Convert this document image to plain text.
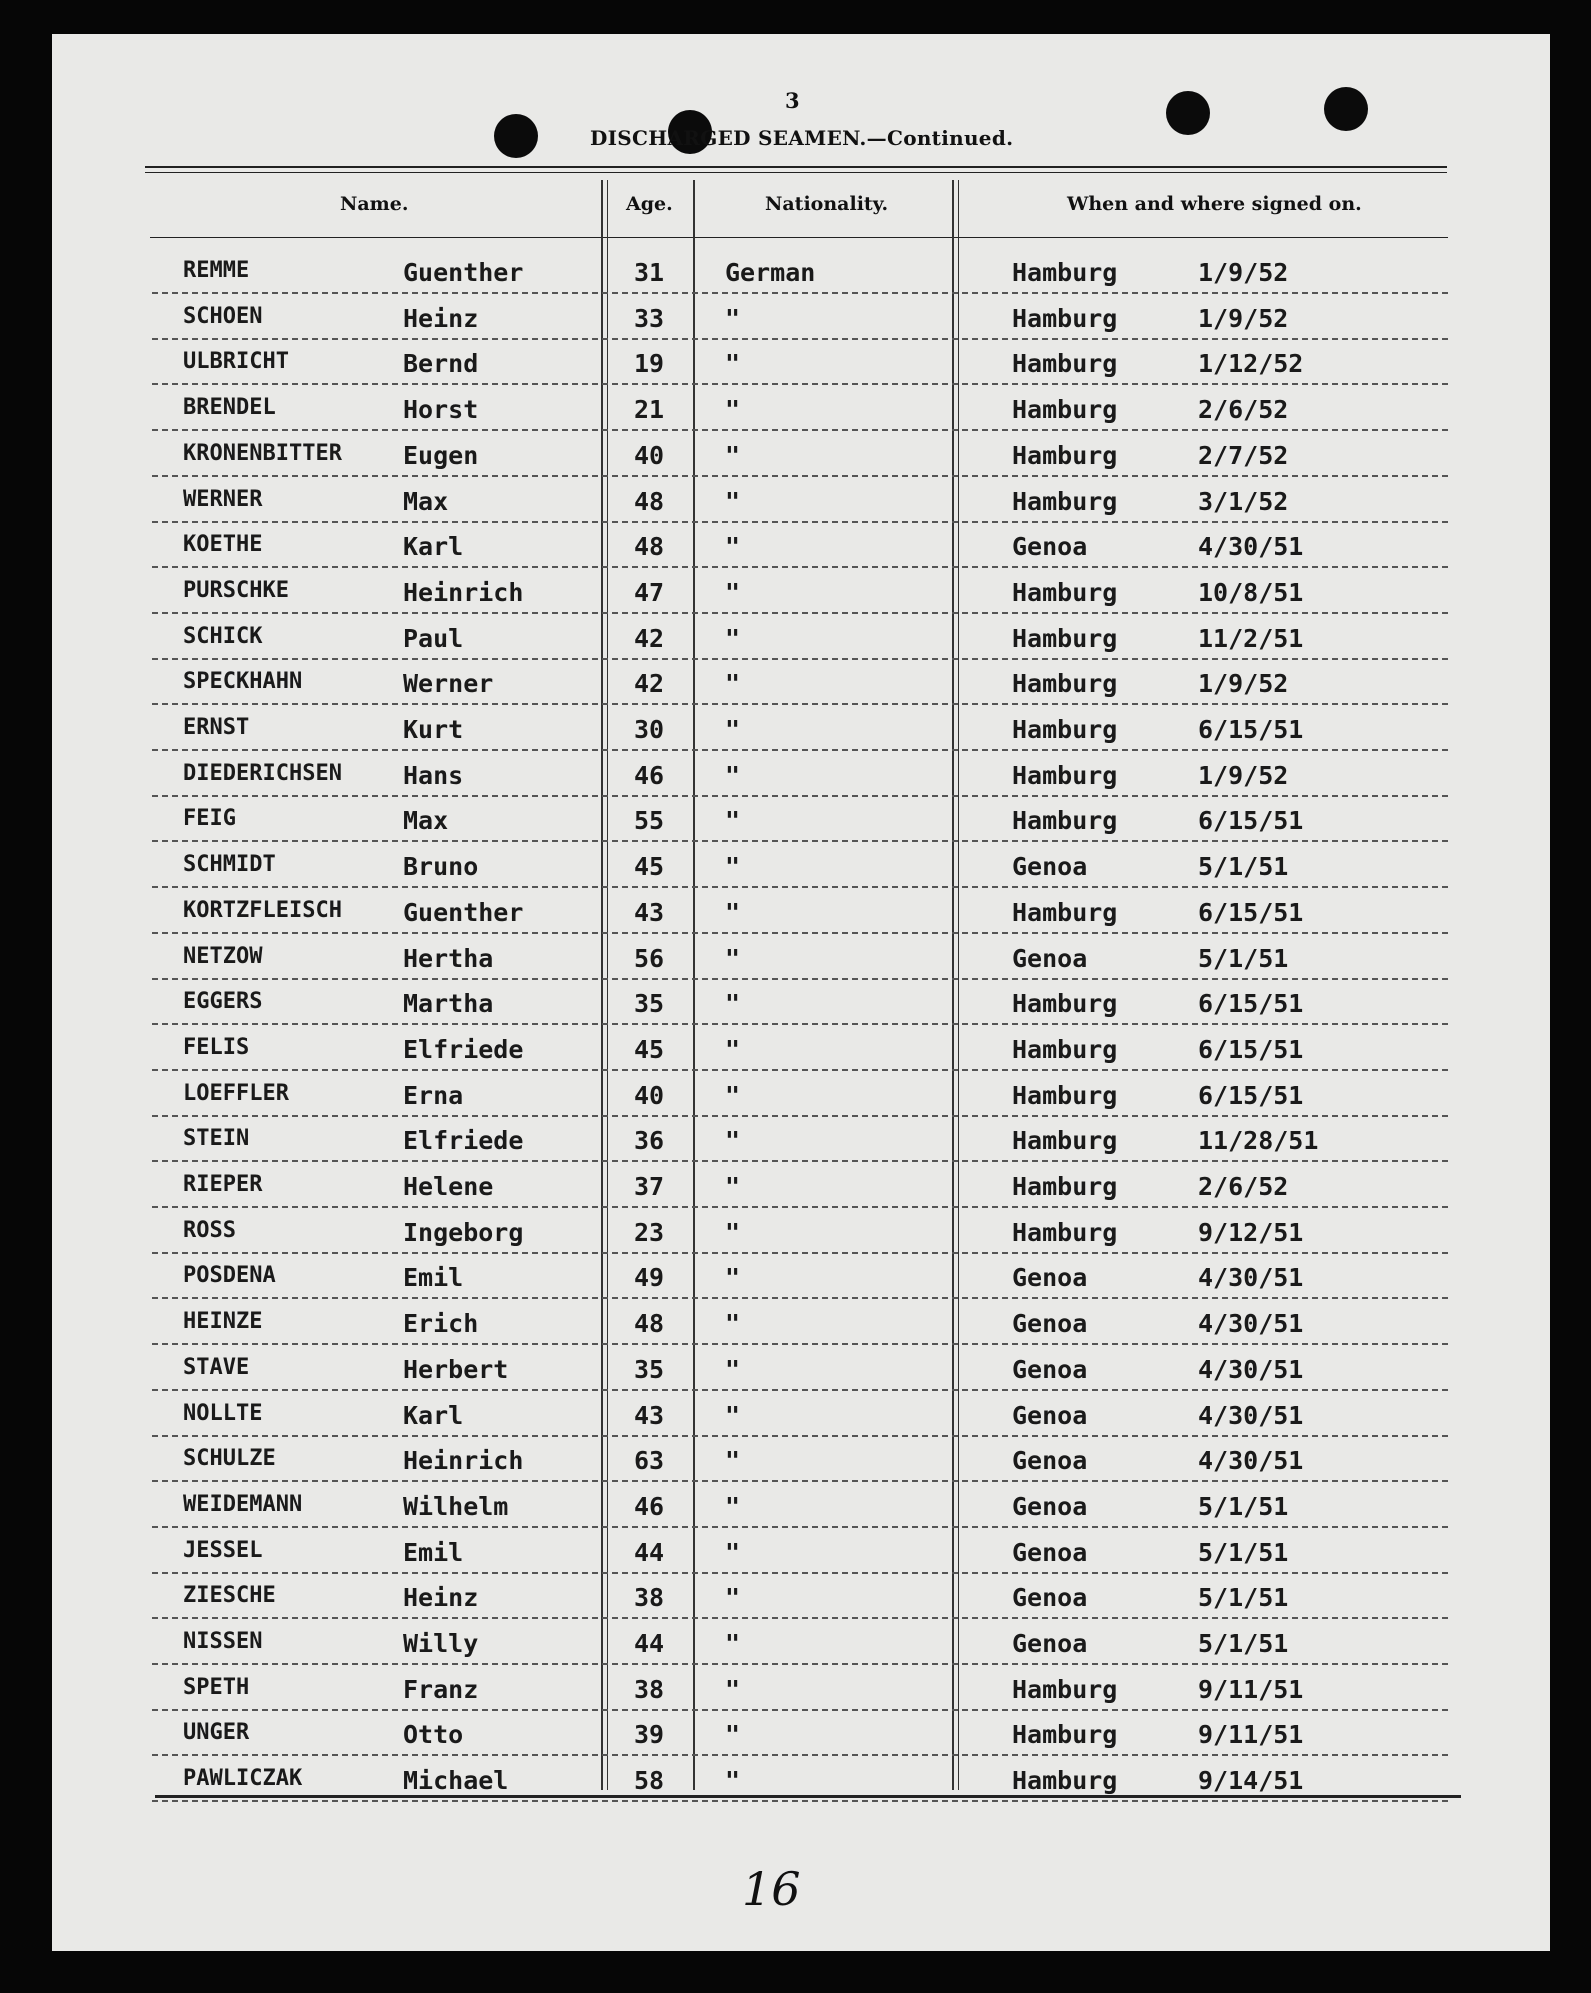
3
DISCHARGED SEAMEN.—Continued.
Name.	Age.	Nationality.	When and where signed on.
REMME	Guenther	31 German	Hamburg	1/9/52
SCHOEN	Heinz	33 "	Hamburg	1/9/52
ULBRICHT	Bernd	19 "	Hamburg	1/12/52
BRENDEL	Horst	21 "	Hamburg	2/6/52
KRONENBITTER Eugen	40 "	Hamburg	2/7/52
WERNER	Max	48 "	Hamburg	3/1/52
KOETHE	Karl	48 "	Genoa	4/30/51
PURSCHKE	Heinrich	47 "	Hamburg	10/8/51
SCHICK	Paul	42 "	Hamburg	11/2/51
SPECKHAHN	Werner	42 "	Hamburg	1/9/52
ERNST	Kurt	30 "	Hamburg	6/15/51
DIEDERICHSEN Hans	46 "	Hamburg	1/9/52
FEIG	Max	55 "	Hamburg	6/15/51
SCHMIDT	Bruno	45 "	Genoa	5/1/51
KORTZFLEISCH Guenther	43 "	Hamburg	6/15/51
NETZOW	Hertha	56 "	Genoa	5/1/51
EGGERS	Martha	35 "	Hamburg	6/15/51
FELIS	Elfriede	45 "	Hamburg	6/15/51
LOEFFLER	Erna	40 "	Hamburg	6/15/51
STEIN	Elfriede	36 "	Hamburg	11/28/51
RIEPER	Helene	37 "	Hamburg	2/6/52
ROSS	Ingeborg	23 "	Hamburg	9/12/51
POSDENA	Emil	49 "	Genoa	4/30/51
HEINZE	Erich	48 "	Genoa	4/30/51
STAVE	Herbert	35 "	Genoa	4/30/51
NOLLTE	Karl	43 "	Genoa	4/30/51
SCHULZE	Heinrich	63 "	Genoa	4/30/51
WEIDEMANN	Wilhelm	46 "	Genoa	5/1/51
JESSEL	Emil	44 "	Genoa	5/1/51
ZIESCHE	Heinz	38 "	Genoa	5/1/51
NISSEN	Willy	44 "	Genoa	5/1/51
SPETH	Franz	38 "	Hamburg	9/11/51
UNGER	Otto	39 "	Hamburg	9/11/51
PAWLICZAK	Michael	58 "	Hamburg	9/14/51
16
